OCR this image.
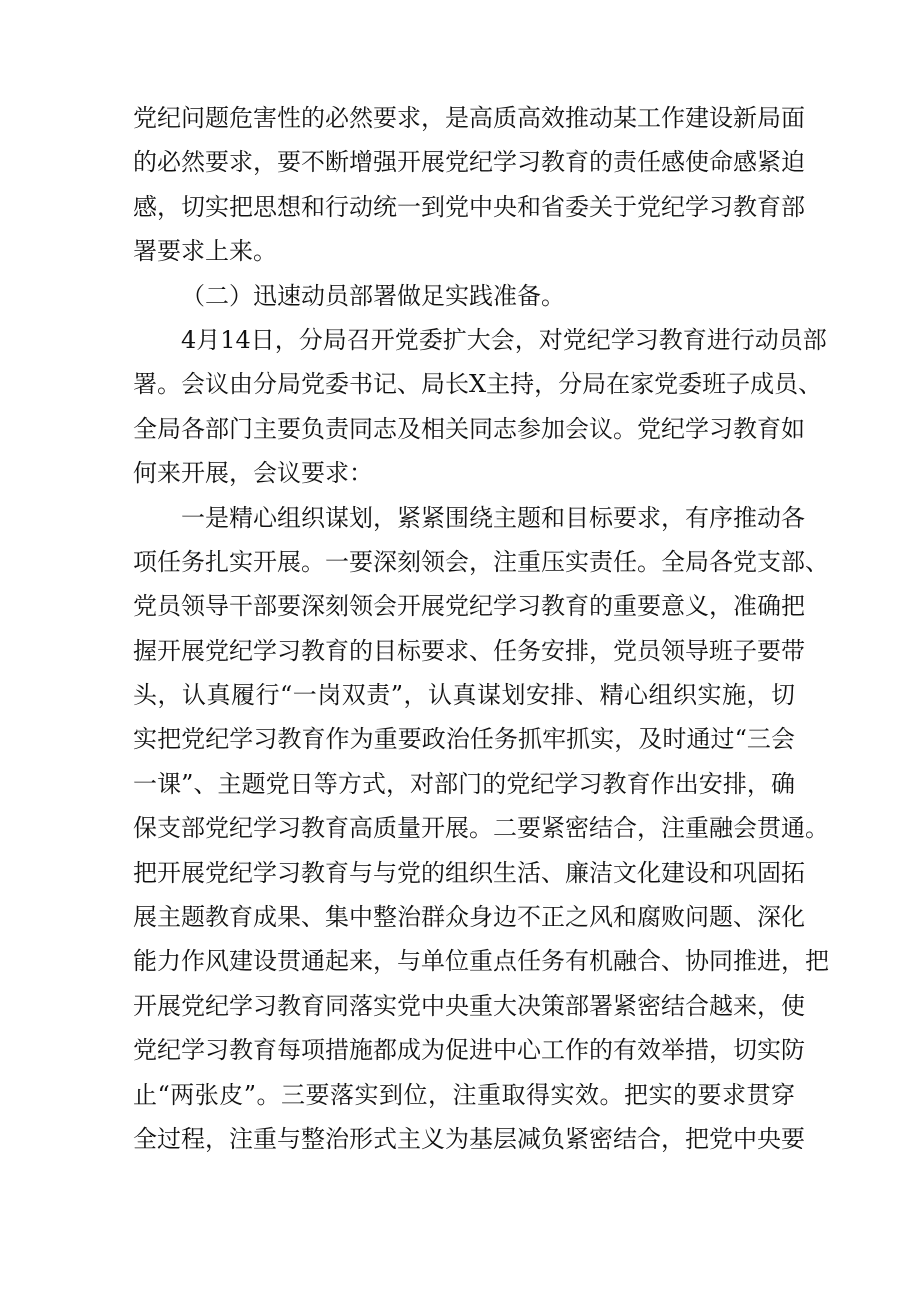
党纪问题危害性的必然要求，是高质高效推动某工作建设新局面
的必然要求，要不断增强开展党纪学习教育的责任感使命感紧迫
感，切实把思想和行动统一到党中央和省委关于党纪学习教育部
署要求上来。
（二）迅速动员部署做足实践准备。
4月14日，分局召开党委扩大会，对党纪学习教育进行动员部
署。会议由分局党委书记、局长X主持，分局在家党委班子成员、
全局各部门主要负责同志及相关同志参加会议。党纪学习教育如
何来开展，会议要求：
一是精心组织谋划，紧紧围绕主题和目标要求，有序推动各
项任务扎实开展。一要深刻领会，注重压实责任。全局各党支部、
党员领导干部要深刻领会开展党纪学习教育的重要意义，准确把
握开展党纪学习教育的目标要求、任务安排，党员领导班子要带
头，认真履行“一岗双责”，认真谋划安排、精心组织实施，切
实把党纪学习教育作为重要政治任务抓牢抓实，及时通过“三会
一课”、主题党日等方式，对部门的党纪学习教育作出安排，确
保支部党纪学习教育高质量开展。二要紧密结合，注重融会贯通。
把开展党纪学习教育与与党的组织生活、廉洁文化建设和巩固拓
展主题教育成果、集中整治群众身边不正之风和腐败问题、深化
能力作风建设贯通起来，与单位重点任务有机融合、协同推进，把
开展党纪学习教育同落实党中央重大决策部署紧密结合越来，使
党纪学习教育每项措施都成为促进中心工作的有效举措，切实防
止“两张皮”。三要落实到位，注重取得实效。把实的要求贯穿
全过程，注重与整治形式主义为基层减负紧密结合，把党中央要
